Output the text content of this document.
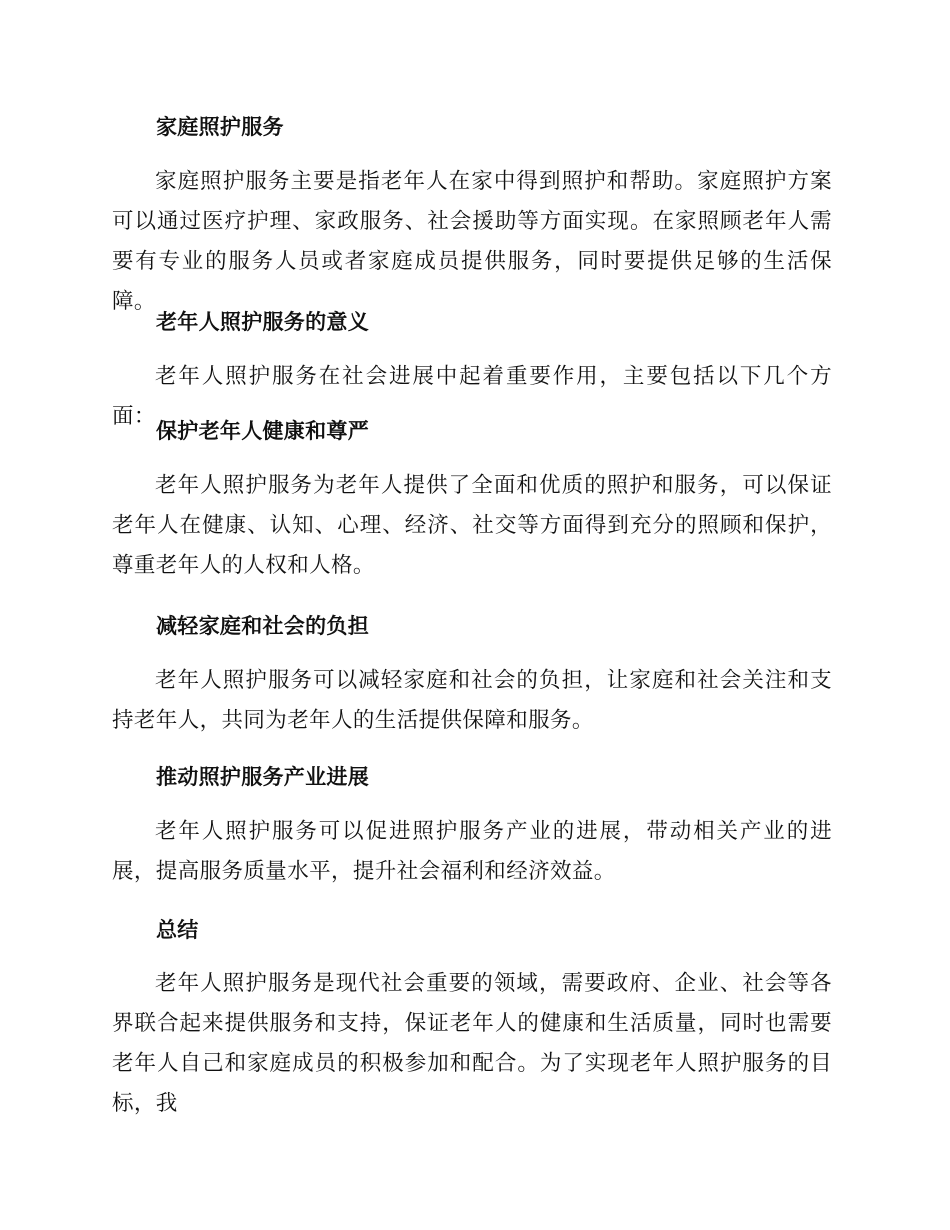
家庭照护服务

家庭照护服务主要是指老年人在家中得到照护和帮助。家庭照护方案可以通过医疗护理、家政服务、社会援助等方面实现。在家照顾老年人需要有专业的服务人员或者家庭成员提供服务，同时要提供足够的生活保障。

老年人照护服务的意义

老年人照护服务在社会进展中起着重要作用，主要包括以下几个方面：

保护老年人健康和尊严

老年人照护服务为老年人提供了全面和优质的照护和服务，可以保证老年人在健康、认知、心理、经济、社交等方面得到充分的照顾和保护，尊重老年人的人权和人格。

减轻家庭和社会的负担

老年人照护服务可以减轻家庭和社会的负担，让家庭和社会关注和支持老年人，共同为老年人的生活提供保障和服务。

推动照护服务产业进展

老年人照护服务可以促进照护服务产业的进展，带动相关产业的进展，提高服务质量水平，提升社会福利和经济效益。

总结

老年人照护服务是现代社会重要的领域，需要政府、企业、社会等各界联合起来提供服务和支持，保证老年人的健康和生活质量，同时也需要老年人自己和家庭成员的积极参加和配合。为了实现老年人照护服务的目标，我
